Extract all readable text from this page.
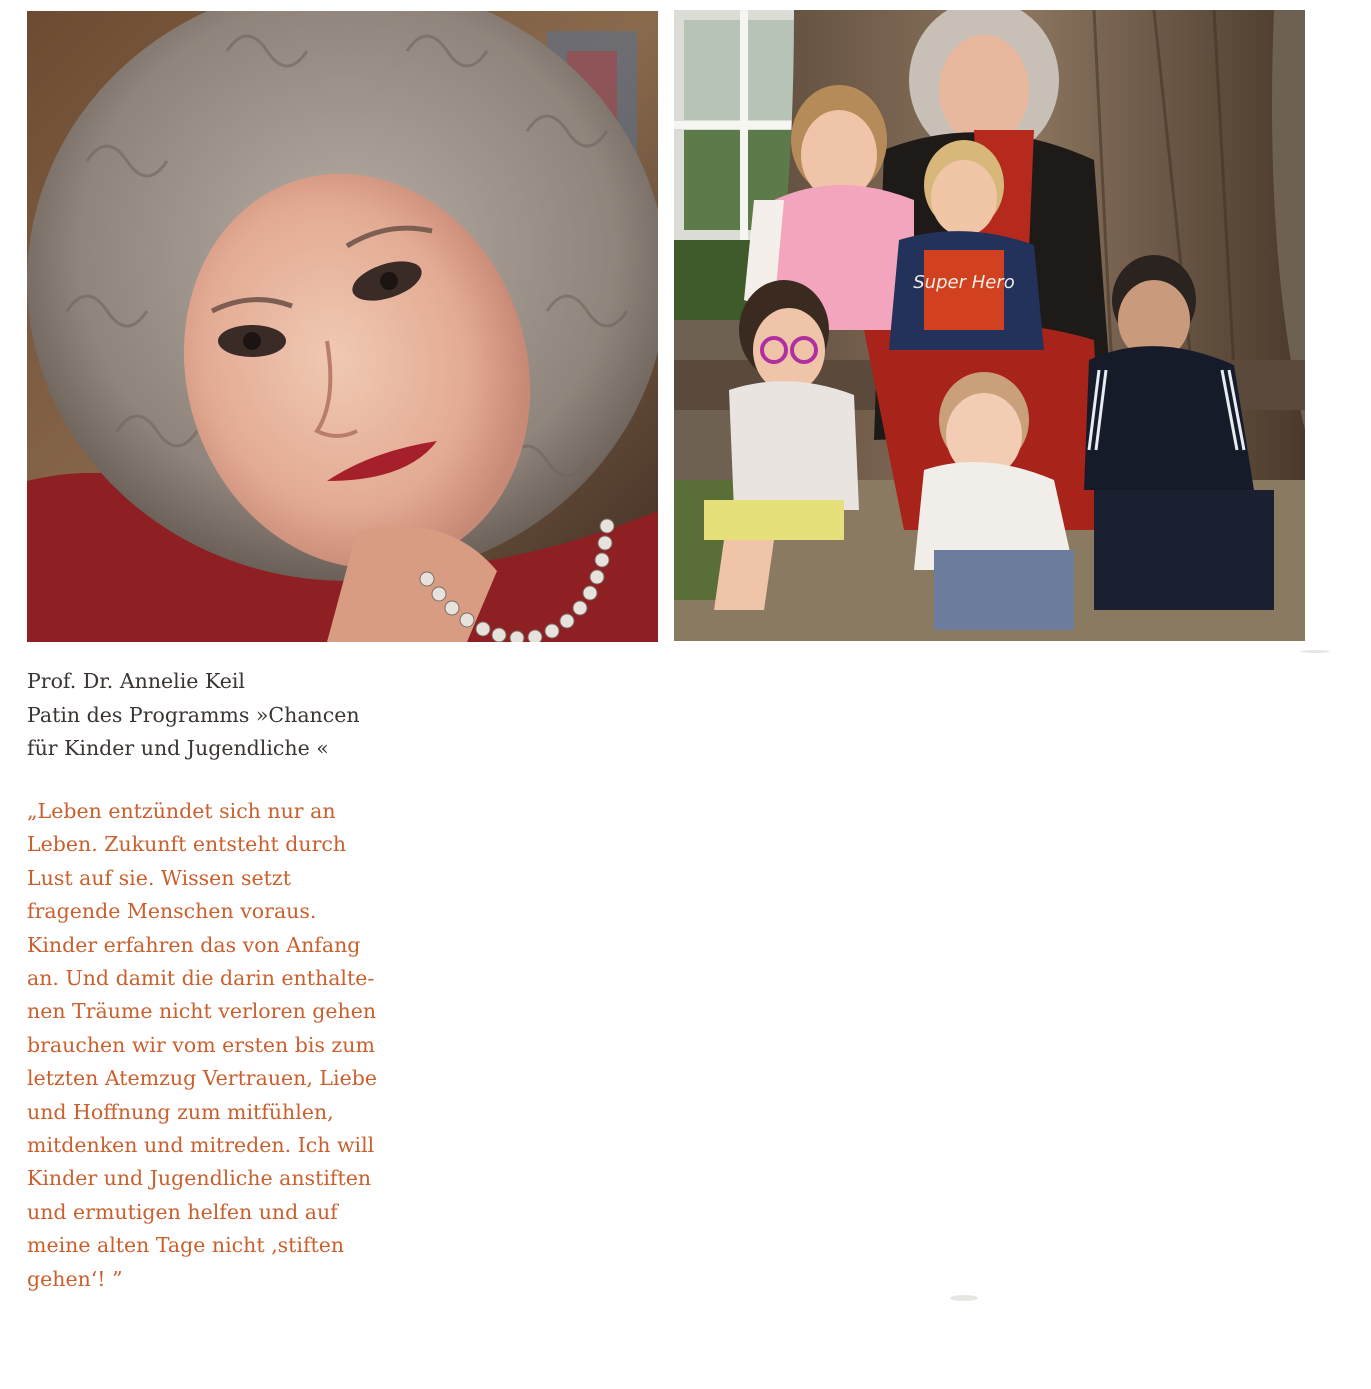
Super Hero
Prof. Dr. Annelie Keil
Patin des Programms »Chancen
für Kinder und Jugendliche «
„Leben entzündet sich nur an
Leben. Zukunft entsteht durch
Lust auf sie. Wissen setzt
fragende Menschen voraus.
Kinder erfahren das von Anfang
an. Und damit die darin enthalte-
nen Träume nicht verloren gehen
brauchen wir vom ersten bis zum
letzten Atemzug Vertrauen, Liebe
und Hoffnung zum mitfühlen,
mitdenken und mitreden. Ich will
Kinder und Jugendliche anstiften
und ermutigen helfen und auf
meine alten Tage nicht ‚stiften
gehen‘! ”
